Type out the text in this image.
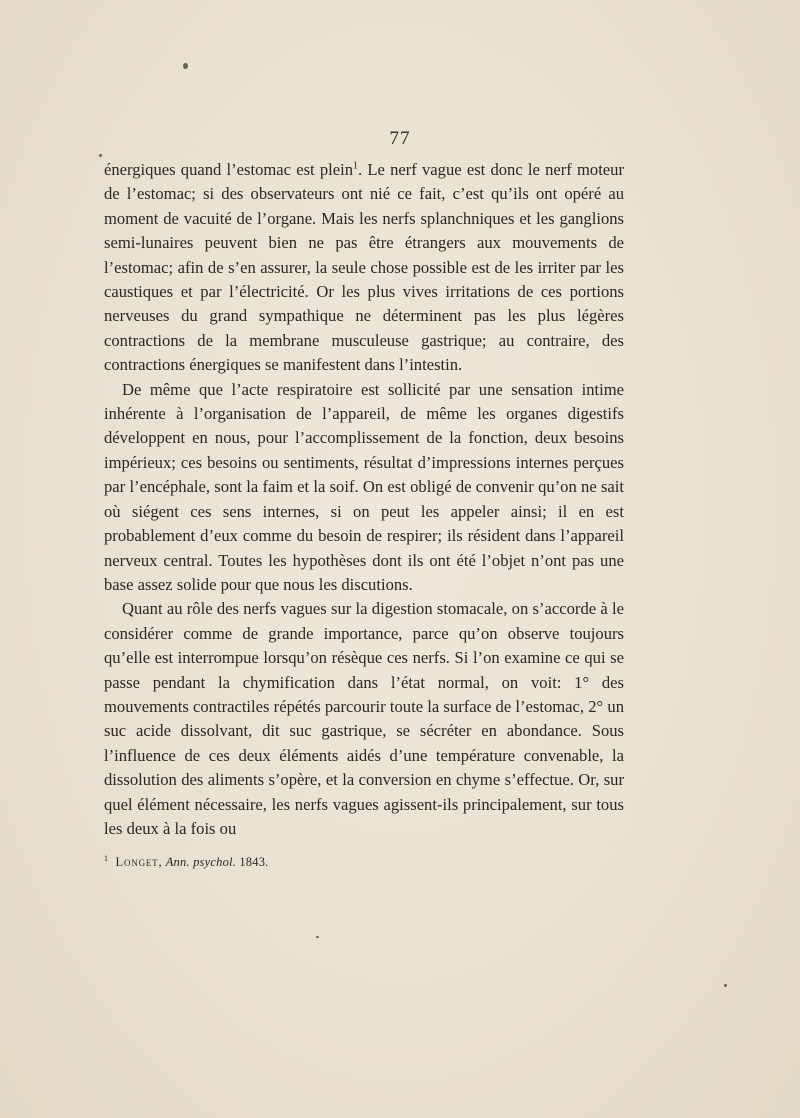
77

énergiques quand l’estomac est plein$^1$. Le nerf vague est donc le nerf moteur de l’estomac; si des observateurs ont nié ce fait, c’est qu’ils ont opéré au moment de vacuité de l’organe. Mais les nerfs splanchniques et les ganglions semi-lunaires peuvent bien ne pas être étrangers aux mouvements de l’estomac; afin de s’en assurer, la seule chose possible est de les irriter par les caustiques et par l’électricité. Or les plus vives irritations de ces portions nerveuses du grand sympathique ne déterminent pas les plus légères contractions de la membrane musculeuse gastrique; au contraire, des contractions énergiques se manifestent dans l’intestin.

De même que l’acte respiratoire est sollicité par une sensation intime inhérente à l’organisation de l’appareil, de même les organes digestifs développent en nous, pour l’accomplissement de la fonction, deux besoins impérieux; ces besoins ou sentiments, résultat d’impressions internes perçues par l’encéphale, sont la faim et la soif. On est obligé de convenir qu’on ne sait où siégent ces sens internes, si on peut les appeler ainsi; il en est probablement d’eux comme du besoin de respirer; ils résident dans l’appareil nerveux central. Toutes les hypothèses dont ils ont été l’objet n’ont pas une base assez solide pour que nous les discutions.

Quant au rôle des nerfs vagues sur la digestion stomacale, on s’accorde à le considérer comme de grande importance, parce qu’on observe toujours qu’elle est interrompue lorsqu’on résèque ces nerfs. Si l’on examine ce qui se passe pendant la chymification dans l’état normal, on voit: 1° des mouvements contractiles répétés parcourir toute la surface de l’estomac, 2° un suc acide dissolvant, dit suc gastrique, se sécréter en abondance. Sous l’influence de ces deux éléments aidés d’une température convenable, la dissolution des aliments s’opère, et la conversion en chyme s’effectue. Or, sur quel élément nécessaire, les nerfs vagues agissent-ils principalement, sur tous les deux à la fois ou

$^1$ Longet, Ann. psychol. 1843.
